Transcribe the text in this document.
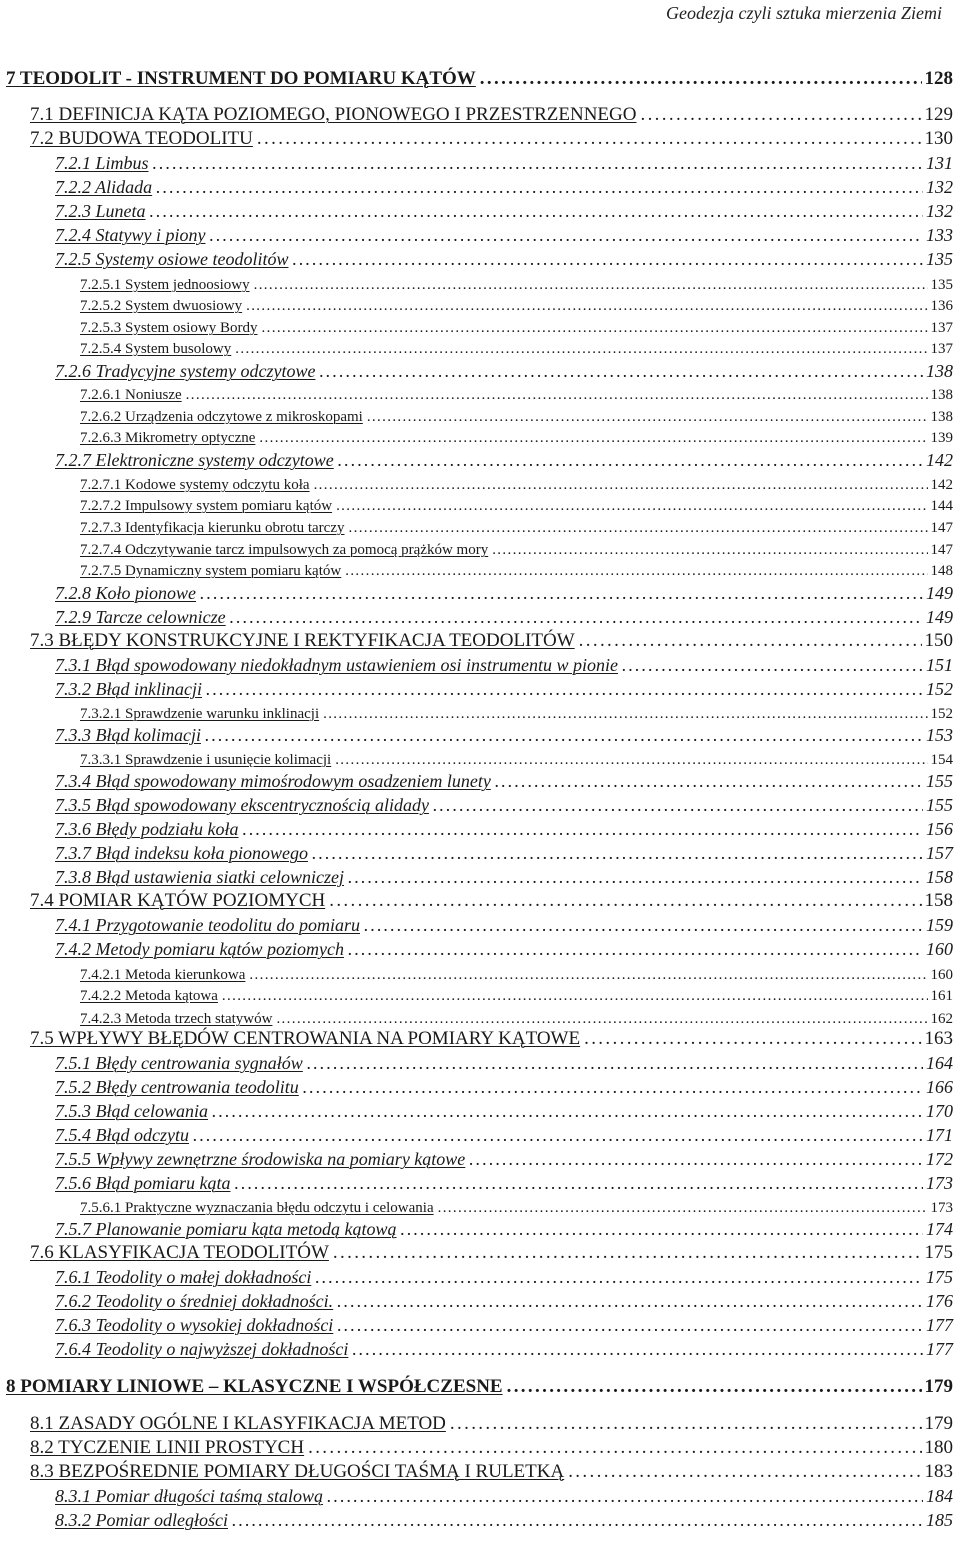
Geodezja czyli sztuka mierzenia Ziemi
7 TEODOLIT - INSTRUMENT DO POMIARU KĄTÓW . . .	128
7.1 DEFINICJA KĄTA POZIOMEGO, PIONOWEGO I PRZESTRZENNEGO . . .	129
7.2 BUDOWA TEODOLITU . . .	130
7.2.1 Limbus . . .	131
7.2.2 Alidada . . .	132
7.2.3 Luneta . . .	132
7.2.4 Statywy i piony . . .	133
7.2.5 Systemy osiowe teodolitów . . .	135
7.2.5.1 System jednoosiowy . . .	135
7.2.5.2 System dwuosiowy . . .	136
7.2.5.3 System osiowy Bordy . . .	137
7.2.5.4 System busolowy . . .	137
7.2.6 Tradycyjne systemy odczytowe . . .	138
7.2.6.1 Noniusze . . .	138
7.2.6.2 Urządzenia odczytowe z mikroskopami . . .	138
7.2.6.3 Mikrometry optyczne . . .	139
7.2.7 Elektroniczne systemy odczytowe . . .	142
7.2.7.1 Kodowe systemy odczytu koła . . .	142
7.2.7.2 Impulsowy system pomiaru kątów . . .	144
7.2.7.3 Identyfikacja kierunku obrotu tarczy . . .	147
7.2.7.4 Odczytywanie tarcz impulsowych za pomocą prążków mory . . .	147
7.2.7.5 Dynamiczny system pomiaru kątów . . .	148
7.2.8 Koło pionowe . . .	149
7.2.9 Tarcze celownicze . . .	149
7.3 BŁĘDY KONSTRUKCYJNE I REKTYFIKACJA TEODOLITÓW . . .	150
7.3.1 Błąd spowodowany niedokładnym ustawieniem osi instrumentu w pionie . . .	151
7.3.2 Błąd inklinacji . . .	152
7.3.2.1 Sprawdzenie warunku inklinacji . . .	152
7.3.3 Błąd kolimacji . . .	153
7.3.3.1 Sprawdzenie i usunięcie kolimacji . . .	154
7.3.4 Błąd spowodowany mimośrodowym osadzeniem lunety . . .	155
7.3.5 Błąd spowodowany ekscentrycznością alidady . . .	155
7.3.6 Błędy podziału koła . . .	156
7.3.7 Błąd indeksu koła pionowego . . .	157
7.3.8 Błąd ustawienia siatki celowniczej . . .	158
7.4 POMIAR KĄTÓW POZIOMYCH . . .	158
7.4.1 Przygotowanie teodolitu do pomiaru . . .	159
7.4.2 Metody pomiaru kątów poziomych . . .	160
7.4.2.1 Metoda kierunkowa . . .	160
7.4.2.2 Metoda kątowa . . .	161
7.4.2.3 Metoda trzech statywów . . .	162
7.5 WPŁYWY BŁĘDÓW CENTROWANIA NA POMIARY KĄTOWE . . .	163
7.5.1 Błędy centrowania sygnałów . . .	164
7.5.2 Błędy centrowania teodolitu . . .	166
7.5.3 Błąd celowania . . .	170
7.5.4 Błąd odczytu . . .	171
7.5.5 Wpływy zewnętrzne środowiska na pomiary kątowe . . .	172
7.5.6 Błąd pomiaru kąta . . .	173
7.5.6.1 Praktyczne wyznaczania błędu odczytu i celowania . . .	173
7.5.7 Planowanie pomiaru kąta metodą kątową . . .	174
7.6 KLASYFIKACJA TEODOLITÓW . . .	175
7.6.1 Teodolity o małej dokładności . . .	175
7.6.2 Teodolity o średniej dokładności. . . .	176
7.6.3 Teodolity o wysokiej dokładności . . .	177
7.6.4 Teodolity o najwyższej dokładności . . .	177
8 POMIARY LINIOWE – KLASYCZNE I WSPÓŁCZESNE . . .	179
8.1 ZASADY OGÓLNE I KLASYFIKACJA METOD . . .	179
8.2 TYCZENIE LINII PROSTYCH . . .	180
8.3 BEZPOŚREDNIE POMIARY DŁUGOŚCI TAŚMĄ I RULETKĄ . . .	183
8.3.1 Pomiar długości taśmą stalową . . .	184
8.3.2 Pomiar odległości . . .	185
